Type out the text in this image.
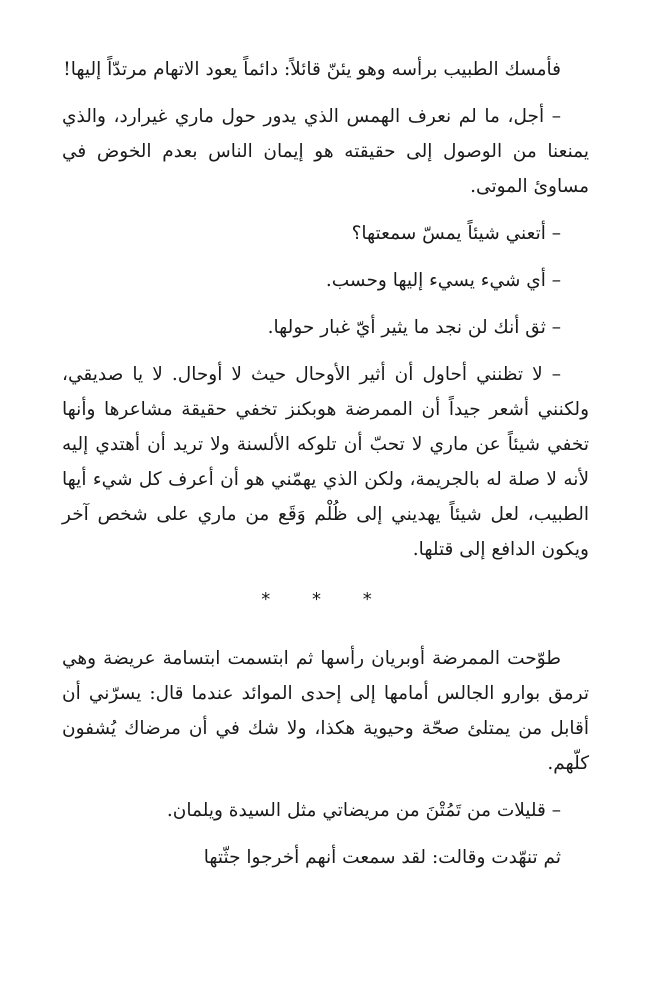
فأمسك الطبيب برأسه وهو يئنّ قائلاً: دائماً يعود الاتهام مرتدّاً إليها!

– أجل، ما لم نعرف الهمس الذي يدور حول ماري غيرارد، والذي يمنعنا من الوصول إلى حقيقته هو إيمان الناس بعدم الخوض في مساوئ الموتى.

– أتعني شيئاً يمسّ سمعتها؟

– أي شيء يسيء إليها وحسب.

– ثق أنك لن نجد ما يثير أيّ غبار حولها.

– لا تظنني أحاول أن أثير الأوحال حيث لا أوحال. لا يا صديقي، ولكنني أشعر جيداً أن الممرضة هوبكنز تخفي حقيقة مشاعرها وأنها تخفي شيئاً عن ماري لا تحبّ أن تلوكه الألسنة ولا تريد أن أهتدي إليه لأنه لا صلة له بالجريمة، ولكن الذي يهمّني هو أن أعرف كل شيء أيها الطبيب، لعل شيئاً يهديني إلى ظُلْم وَقَع من ماري على شخص آخر ويكون الدافع إلى قتلها.

* * *

طوّحت الممرضة أوبريان رأسها ثم ابتسمت ابتسامة عريضة وهي ترمق بوارو الجالس أمامها إلى إحدى الموائد عندما قال: يسرّني أن أقابل من يمتلئ صحّة وحيوية هكذا، ولا شك في أن مرضاك يُشفون كلّهم.

– قليلات من تَمُتْنَ من مريضاتي مثل السيدة ويلمان.

ثم تنهّدت وقالت: لقد سمعت أنهم أخرجوا جثّتها
